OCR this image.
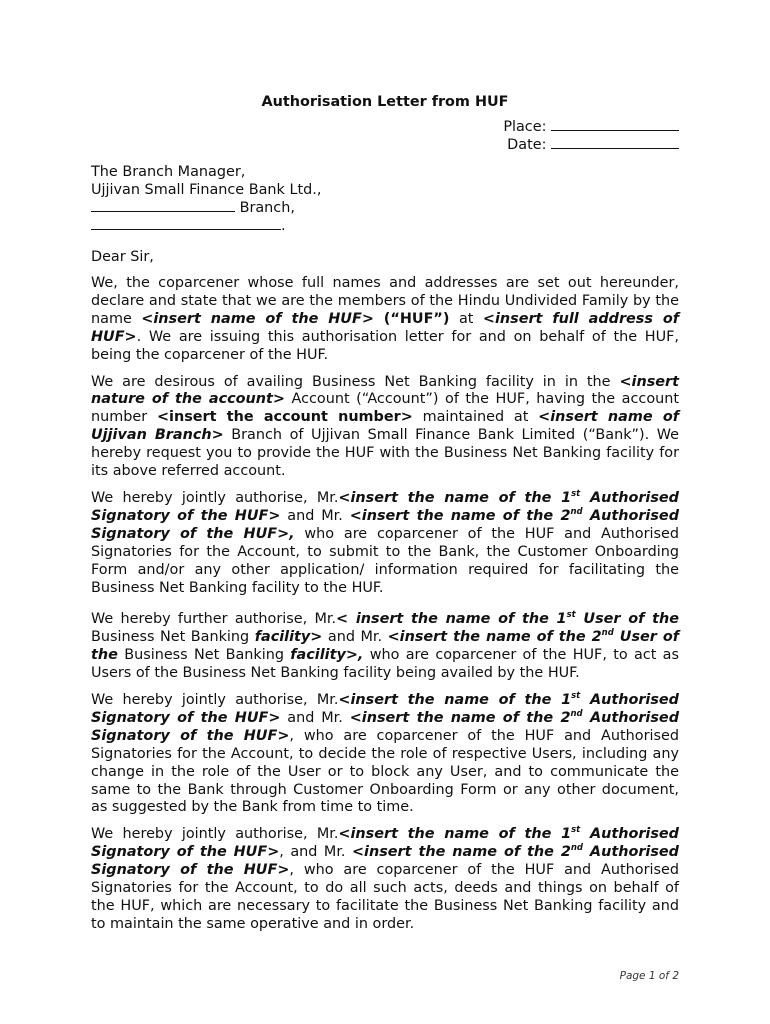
Authorisation Letter from HUF
Place:
Date:
The Branch Manager,
Ujjivan Small Finance Bank Ltd.,
Branch,
.
Dear Sir,

We, the coparcener whose full names and addresses are set out hereunder, declare and state that we are the members of the Hindu Undivided Family by the name <insert name of the HUF> (“HUF”) at <insert full address of HUF>. We are issuing this authorisation letter for and on behalf of the HUF, being the coparcener of the HUF.

We are desirous of availing Business Net Banking facility in in the <insert nature of the account> Account (“Account”) of the HUF, having the account number <insert the account number> maintained at <insert name of Ujjivan Branch> Branch of Ujjivan Small Finance Bank Limited (“Bank”). We hereby request you to provide the HUF with the Business Net Banking facility for its above referred account.

We hereby jointly authorise, Mr.<insert the name of the 1st Authorised Signatory of the HUF> and Mr. <insert the name of the 2nd Authorised Signatory of the HUF>, who are coparcener of the HUF and Authorised Signatories for the Account, to submit to the Bank, the Customer Onboarding Form and/or any other application/ information required for facilitating the Business Net Banking facility to the HUF.

We hereby further authorise, Mr.< insert the name of the 1st User of the Business Net Banking facility> and Mr. <insert the name of the 2nd User of the Business Net Banking facility>, who are coparcener of the HUF, to act as Users of the Business Net Banking facility being availed by the HUF.

We hereby jointly authorise, Mr.<insert the name of the 1st Authorised Signatory of the HUF> and Mr. <insert the name of the 2nd Authorised Signatory of the HUF>, who are coparcener of the HUF and Authorised Signatories for the Account, to decide the role of respective Users, including any change in the role of the User or to block any User, and to communicate the same to the Bank through Customer Onboarding Form or any other document, as suggested by the Bank from time to time.

We hereby jointly authorise, Mr.<insert the name of the 1st Authorised Signatory of the HUF>, and Mr. <insert the name of the 2nd Authorised Signatory of the HUF>, who are coparcener of the HUF and Authorised Signatories for the Account, to do all such acts, deeds and things on behalf of the HUF, which are necessary to facilitate the Business Net Banking facility and to maintain the same operative and in order.

Page 1 of 2
